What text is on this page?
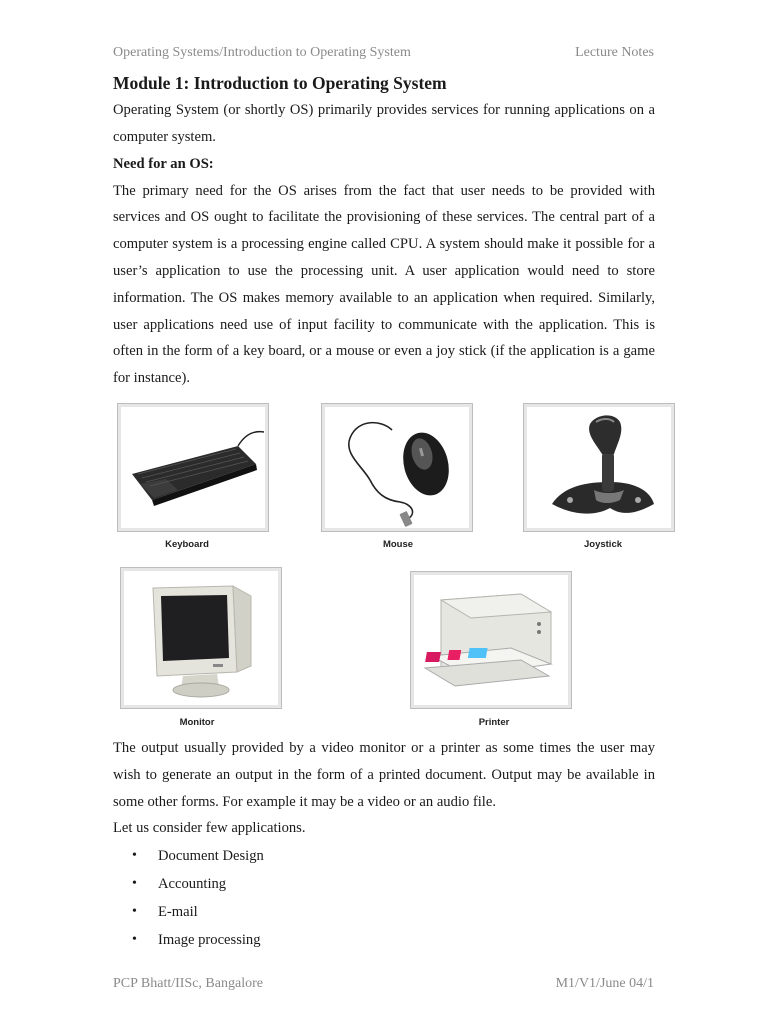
Operating Systems/Introduction to Operating System	Lecture Notes
Module 1: Introduction to Operating System

Operating System (or shortly OS) primarily provides services for running applications on a computer system.

Need for an OS:

The primary need for the OS arises from the fact that user needs to be provided with services and OS ought to facilitate the provisioning of these services. The central part of a computer system is a processing engine called CPU. A system should make it possible for a user’s application to use the processing unit. A user application would need to store information. The OS makes memory available to an application when required. Similarly, user applications need use of input facility to communicate with the application. This is often in the form of a key board, or a mouse or even a joy stick (if the application is a game for instance).

Keyboard	Mouse	Joystick
Monitor	Printer

The output usually provided by a video monitor or a printer as some times the user may wish to generate an output in the form of a printed document. Output may be available in some other forms. For example it may be a video or an audio file.

Let us consider few applications.

• Document Design
• Accounting
• E-mail
• Image processing
PCP Bhatt/IISc, Bangalore	M1/V1/June 04/1
